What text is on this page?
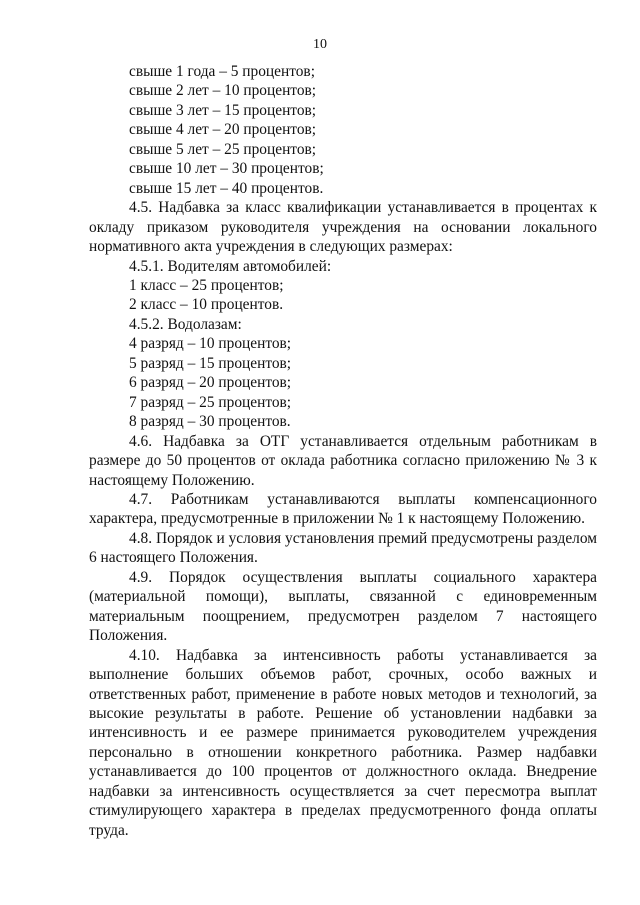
10

свыше 1 года – 5 процентов;

свыше 2 лет – 10 процентов;

свыше 3 лет – 15 процентов;

свыше 4 лет – 20 процентов;

свыше 5 лет – 25 процентов;

свыше 10 лет – 30 процентов;

свыше 15 лет – 40 процентов.

4.5. Надбавка за класс квалификации устанавливается в процентах к окладу приказом руководителя учреждения на основании локального нормативного акта учреждения в следующих размерах:

4.5.1. Водителям автомобилей:

1 класс – 25 процентов;

2 класс – 10 процентов.

4.5.2. Водолазам:

4 разряд – 10 процентов;

5 разряд – 15 процентов;

6 разряд – 20 процентов;

7 разряд – 25 процентов;

8 разряд – 30 процентов.

4.6. Надбавка за ОТГ устанавливается отдельным работникам в размере до 50 процентов от оклада работника согласно приложению № 3 к настоящему Положению.

4.7. Работникам устанавливаются выплаты компенсационного характера, предусмотренные в приложении № 1 к настоящему Положению.

4.8. Порядок и условия установления премий предусмотрены разделом 6 настоящего Положения.

4.9. Порядок осуществления выплаты социального характера (материальной помощи), выплаты, связанной с единовременным материальным поощрением, предусмотрен разделом 7 настоящего Положения.

4.10. Надбавка за интенсивность работы устанавливается за выполнение больших объемов работ, срочных, особо важных и ответственных работ, применение в работе новых методов и технологий, за высокие результаты в работе. Решение об установлении надбавки за интенсивность и ее размере принимается руководителем учреждения персонально в отношении конкретного работника. Размер надбавки устанавливается до 100 процентов от должностного оклада. Внедрение надбавки за интенсивность осуществляется за счет пересмотра выплат стимулирующего характера в пределах предусмотренного фонда оплаты труда.
